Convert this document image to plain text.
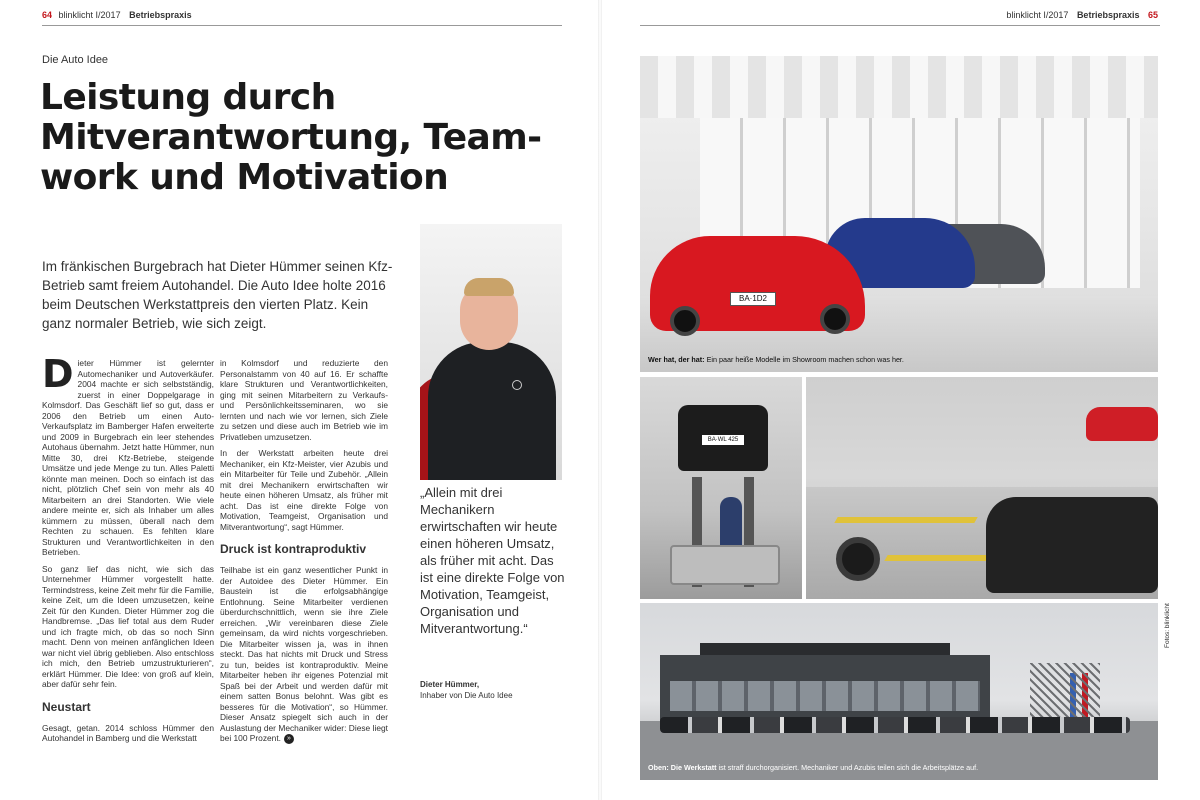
64 blinklicht I/2017 Betriebspraxis
Die Auto Idee
Leistung durch
Mitverantwortung, Team-
work und Motivation

Im fränkischen Burgebrach hat Dieter Hümmer seinen Kfz-Betrieb samt freiem Autohandel. Die Auto Idee holte 2016 beim Deutschen Werkstattpreis den vierten Platz. Kein ganz normaler Betrieb, wie sich zeigt.

Dieter Hümmer ist gelernter Automechaniker und Autoverkäufer. 2004 machte er sich selbstständig, zuerst in einer Doppelgarage in Kolmsdorf. Das Geschäft lief so gut, dass er 2006 den Betrieb um einen Auto-Verkaufsplatz im Bamberger Hafen erweiterte und 2009 in Burgebrach ein leer stehendes Autohaus übernahm. Jetzt hatte Hümmer, nun Mitte 30, drei Kfz-Betriebe, steigende Umsätze und jede Menge zu tun. Alles Paletti könnte man meinen. Doch so einfach ist das nicht, plötzlich Chef sein von mehr als 40 Mitarbeitern an drei Standorten. Wie viele andere meinte er, sich als Inhaber um alles kümmern zu müssen, überall nach dem Rechten zu schauen. Es fehlten klare Strukturen und Verantwortlichkeiten in den Betrieben.

So ganz lief das nicht, wie sich das Unternehmer Hümmer vorgestellt hatte. Termindstress, keine Zeit mehr für die Familie, keine Zeit, um die Ideen umzusetzen, keine Zeit für den Kunden. Dieter Hümmer zog die Handbremse. „Das lief total aus dem Ruder und ich fragte mich, ob das so noch Sinn macht. Denn von meinen anfänglichen Ideen war nicht viel übrig geblieben. Also entschloss ich mich, den Betrieb umzustrukturieren“, erklärt Hümmer. Die Idee: von groß auf klein, aber dafür sehr fein.

Neustart

Gesagt, getan. 2014 schloss Hümmer den Autohandel in Bamberg und die Werkstatt

in Kolmsdorf und reduzierte den Personalstamm von 40 auf 16. Er schaffte klare Strukturen und Verantwortlichkeiten, ging mit seinen Mitarbeitern zu Verkaufs- und Persönlichkeitsseminaren, wo sie lernten und nach wie vor lernen, sich Ziele zu setzen und diese auch im Betrieb wie im Privatleben umzusetzen.

In der Werkstatt arbeiten heute drei Mechaniker, ein Kfz-Meister, vier Azubis und ein Mitarbeiter für Teile und Zubehör. „Allein mit drei Mechanikern erwirtschaften wir heute einen höheren Umsatz, als früher mit acht. Das ist eine direkte Folge von Motivation, Teamgeist, Organisation und Mitverantwortung“, sagt Hümmer.

Druck ist kontraproduktiv

Teilhabe ist ein ganz wesentlicher Punkt in der Autoidee des Dieter Hümmer. Ein Baustein ist die erfolgsabhängige Entlohnung. Seine Mitarbeiter verdienen überdurchschnittlich, wenn sie ihre Ziele erreichen. „Wir vereinbaren diese Ziele gemeinsam, da wird nichts vorgeschrieben. Die Mitarbeiter wissen ja, was in ihnen steckt. Das hat nichts mit Druck und Stress zu tun, beides ist kontraproduktiv. Meine Mitarbeiter heben ihr eigenes Potenzial mit Spaß bei der Arbeit und werden dafür mit einem satten Bonus belohnt. Was gibt es besseres für die Motivation“, so Hümmer. Dieser Ansatz spiegelt sich auch in der Auslastung der Mechaniker wider: Diese liegt bei 100 Prozent. »

„Allein mit drei Mechanikern erwirtschaften wir heute einen höheren Umsatz, als früher mit acht. Das ist eine direkte Folge von Motivation, Teamgeist, Organisation und Mitverantwortung.“
Dieter Hümmer,
Inhaber von Die Auto Idee
blinklicht I/2017 Betriebspraxis 65
BA·1D2
Wer hat, der hat: Ein paar heiße Modelle im Showroom machen schon was her.
BA·WL 425
Oben: Die Werkstatt ist straff durchorganisiert. Mechaniker und Azubis teilen sich die Arbeitsplätze auf.
Fotos: blinklicht
